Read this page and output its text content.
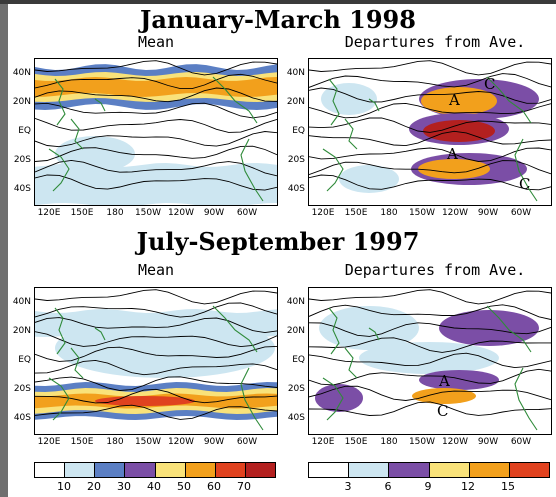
January-March 1998
Mean	Departures from Ave.
July-September 1997
Mean	Departures from Ave.
A
C
A
C
A
C
40N
20N
EQ
20S
40S
120E	150E	180	150W 120W	90W	60W
40N
20N
EQ
20S
40S
120E	150E	180	150W 120W	90W	60W
40N
20N
EQ
20S
40S
120E	150E	180	150W 120W	90W	60W
40N
20N
EQ
20S
40S
120E	150E	180	150W 120W	90W	60W
10	20	30	40	50	60	70	3	6	9	12	15
